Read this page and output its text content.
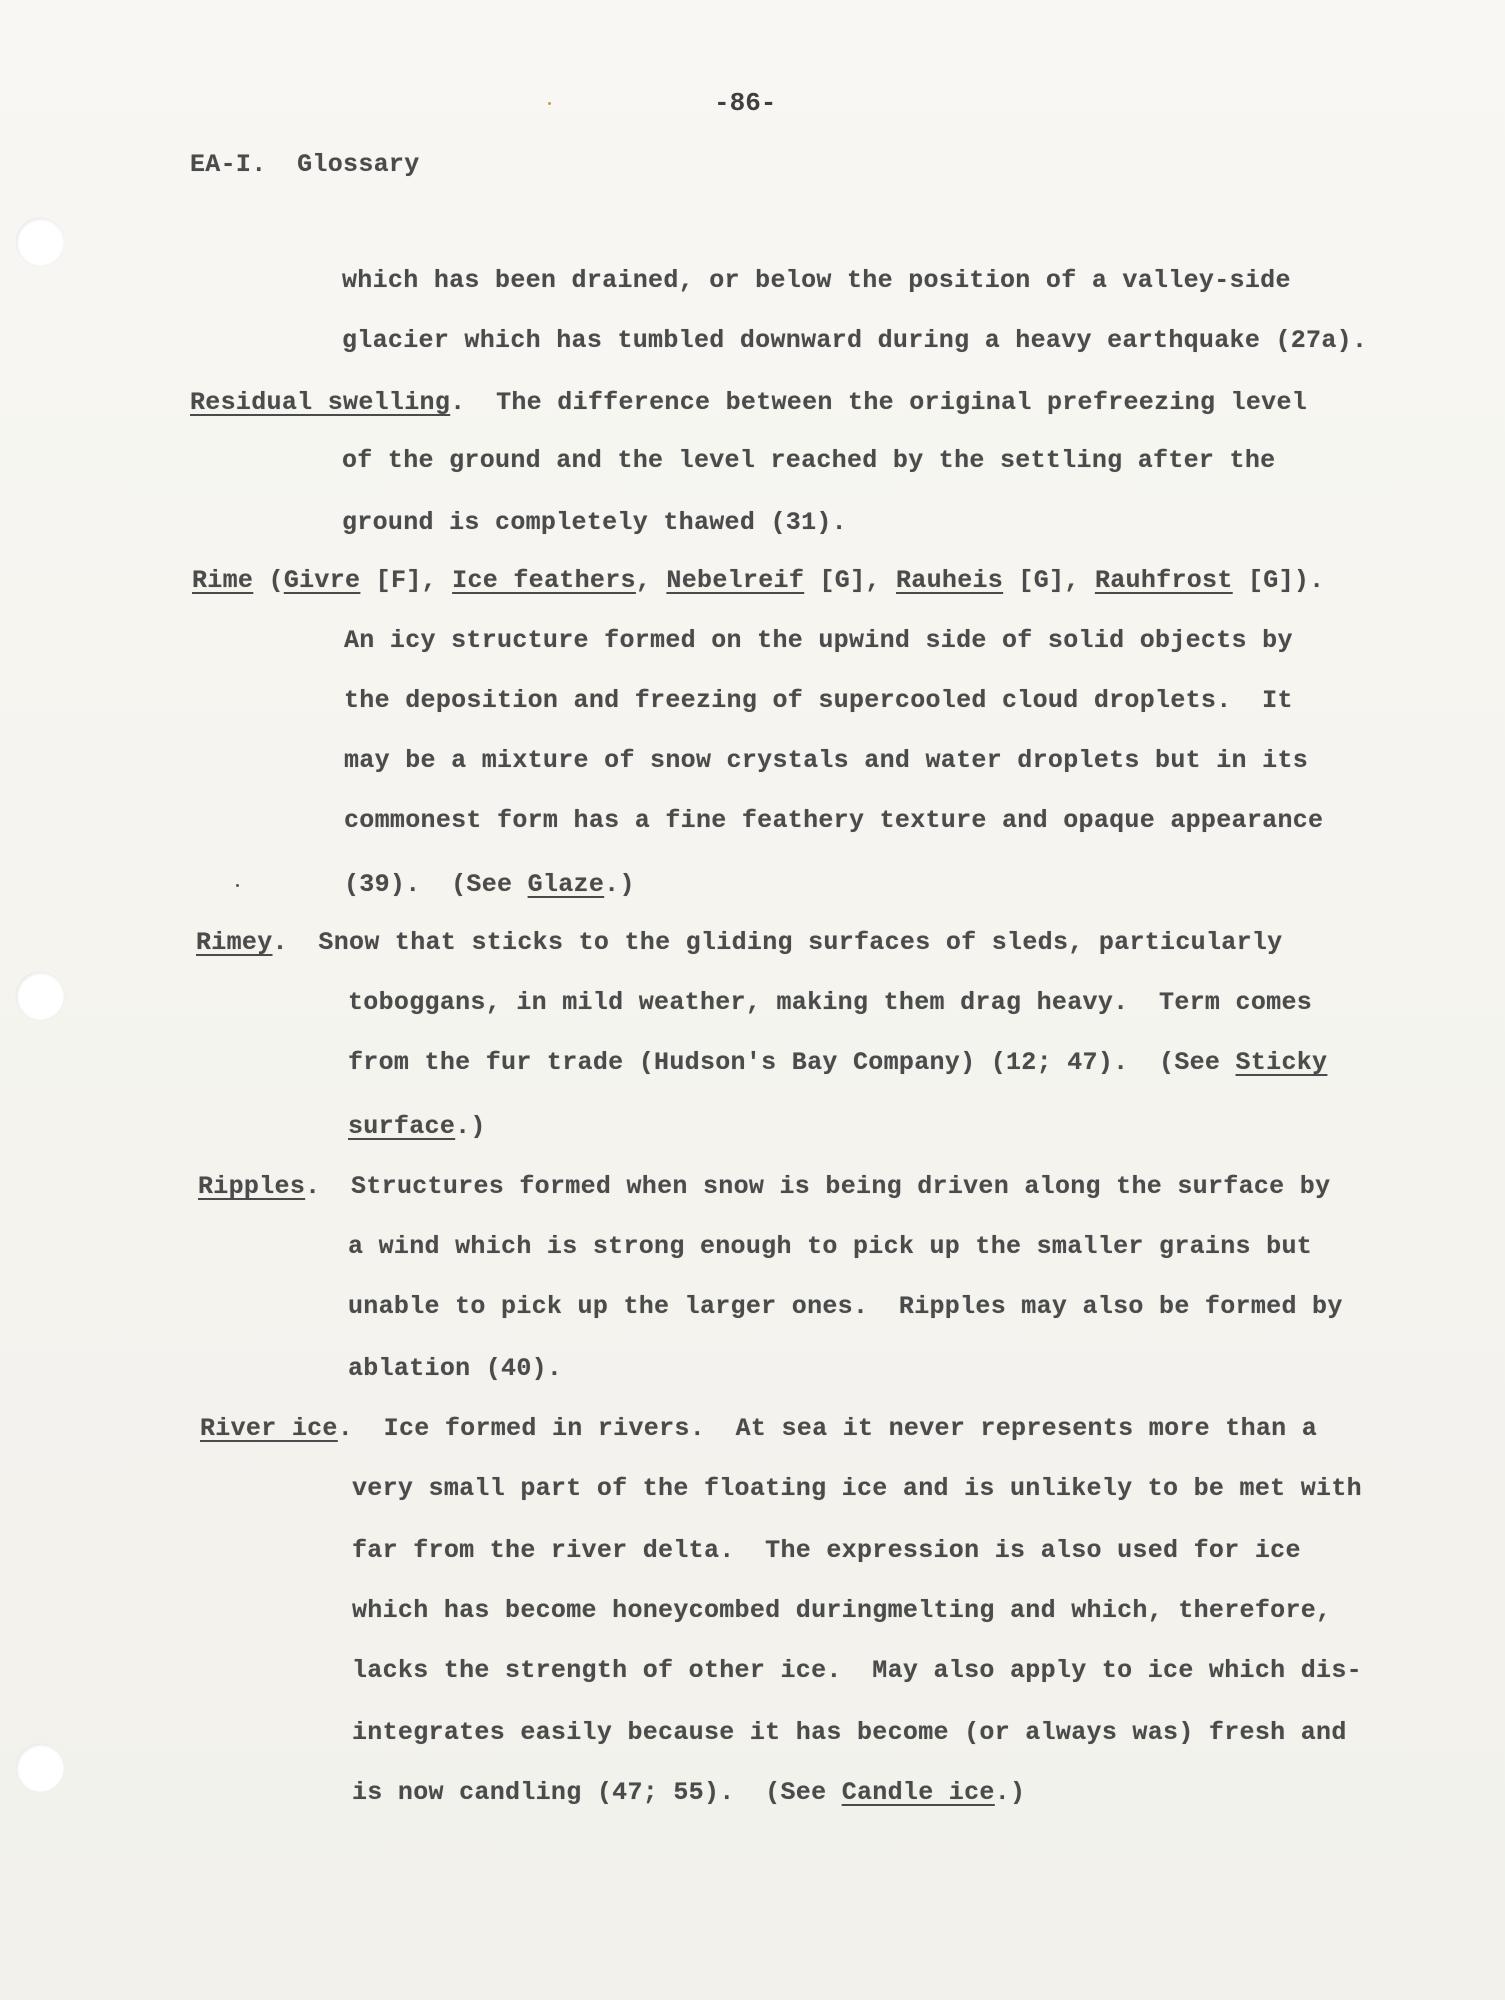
-86-
EA-I.  Glossary
which has been drained, or below the position of a valley-side
glacier which has tumbled downward during a heavy earthquake (27a).
Residual swelling.  The difference between the original prefreezing level
of the ground and the level reached by the settling after the
ground is completely thawed (31).
Rime (Givre [F], Ice feathers, Nebelreif [G], Rauheis [G], Rauhfrost [G]).
An icy structure formed on the upwind side of solid objects by
the deposition and freezing of supercooled cloud droplets.  It
may be a mixture of snow crystals and water droplets but in its
commonest form has a fine feathery texture and opaque appearance
(39).  (See Glaze.)
Rimey.  Snow that sticks to the gliding surfaces of sleds, particularly
toboggans, in mild weather, making them drag heavy.  Term comes
from the fur trade (Hudson's Bay Company) (12; 47).  (See Sticky
surface.)
Ripples.  Structures formed when snow is being driven along the surface by
a wind which is strong enough to pick up the smaller grains but
unable to pick up the larger ones.  Ripples may also be formed by
ablation (40).
River ice.  Ice formed in rivers.  At sea it never represents more than a
very small part of the floating ice and is unlikely to be met with
far from the river delta.  The expression is also used for ice
which has become honeycombed duringmelting and which, therefore,
lacks the strength of other ice.  May also apply to ice which dis-
integrates easily because it has become (or always was) fresh and
is now candling (47; 55).  (See Candle ice.)
